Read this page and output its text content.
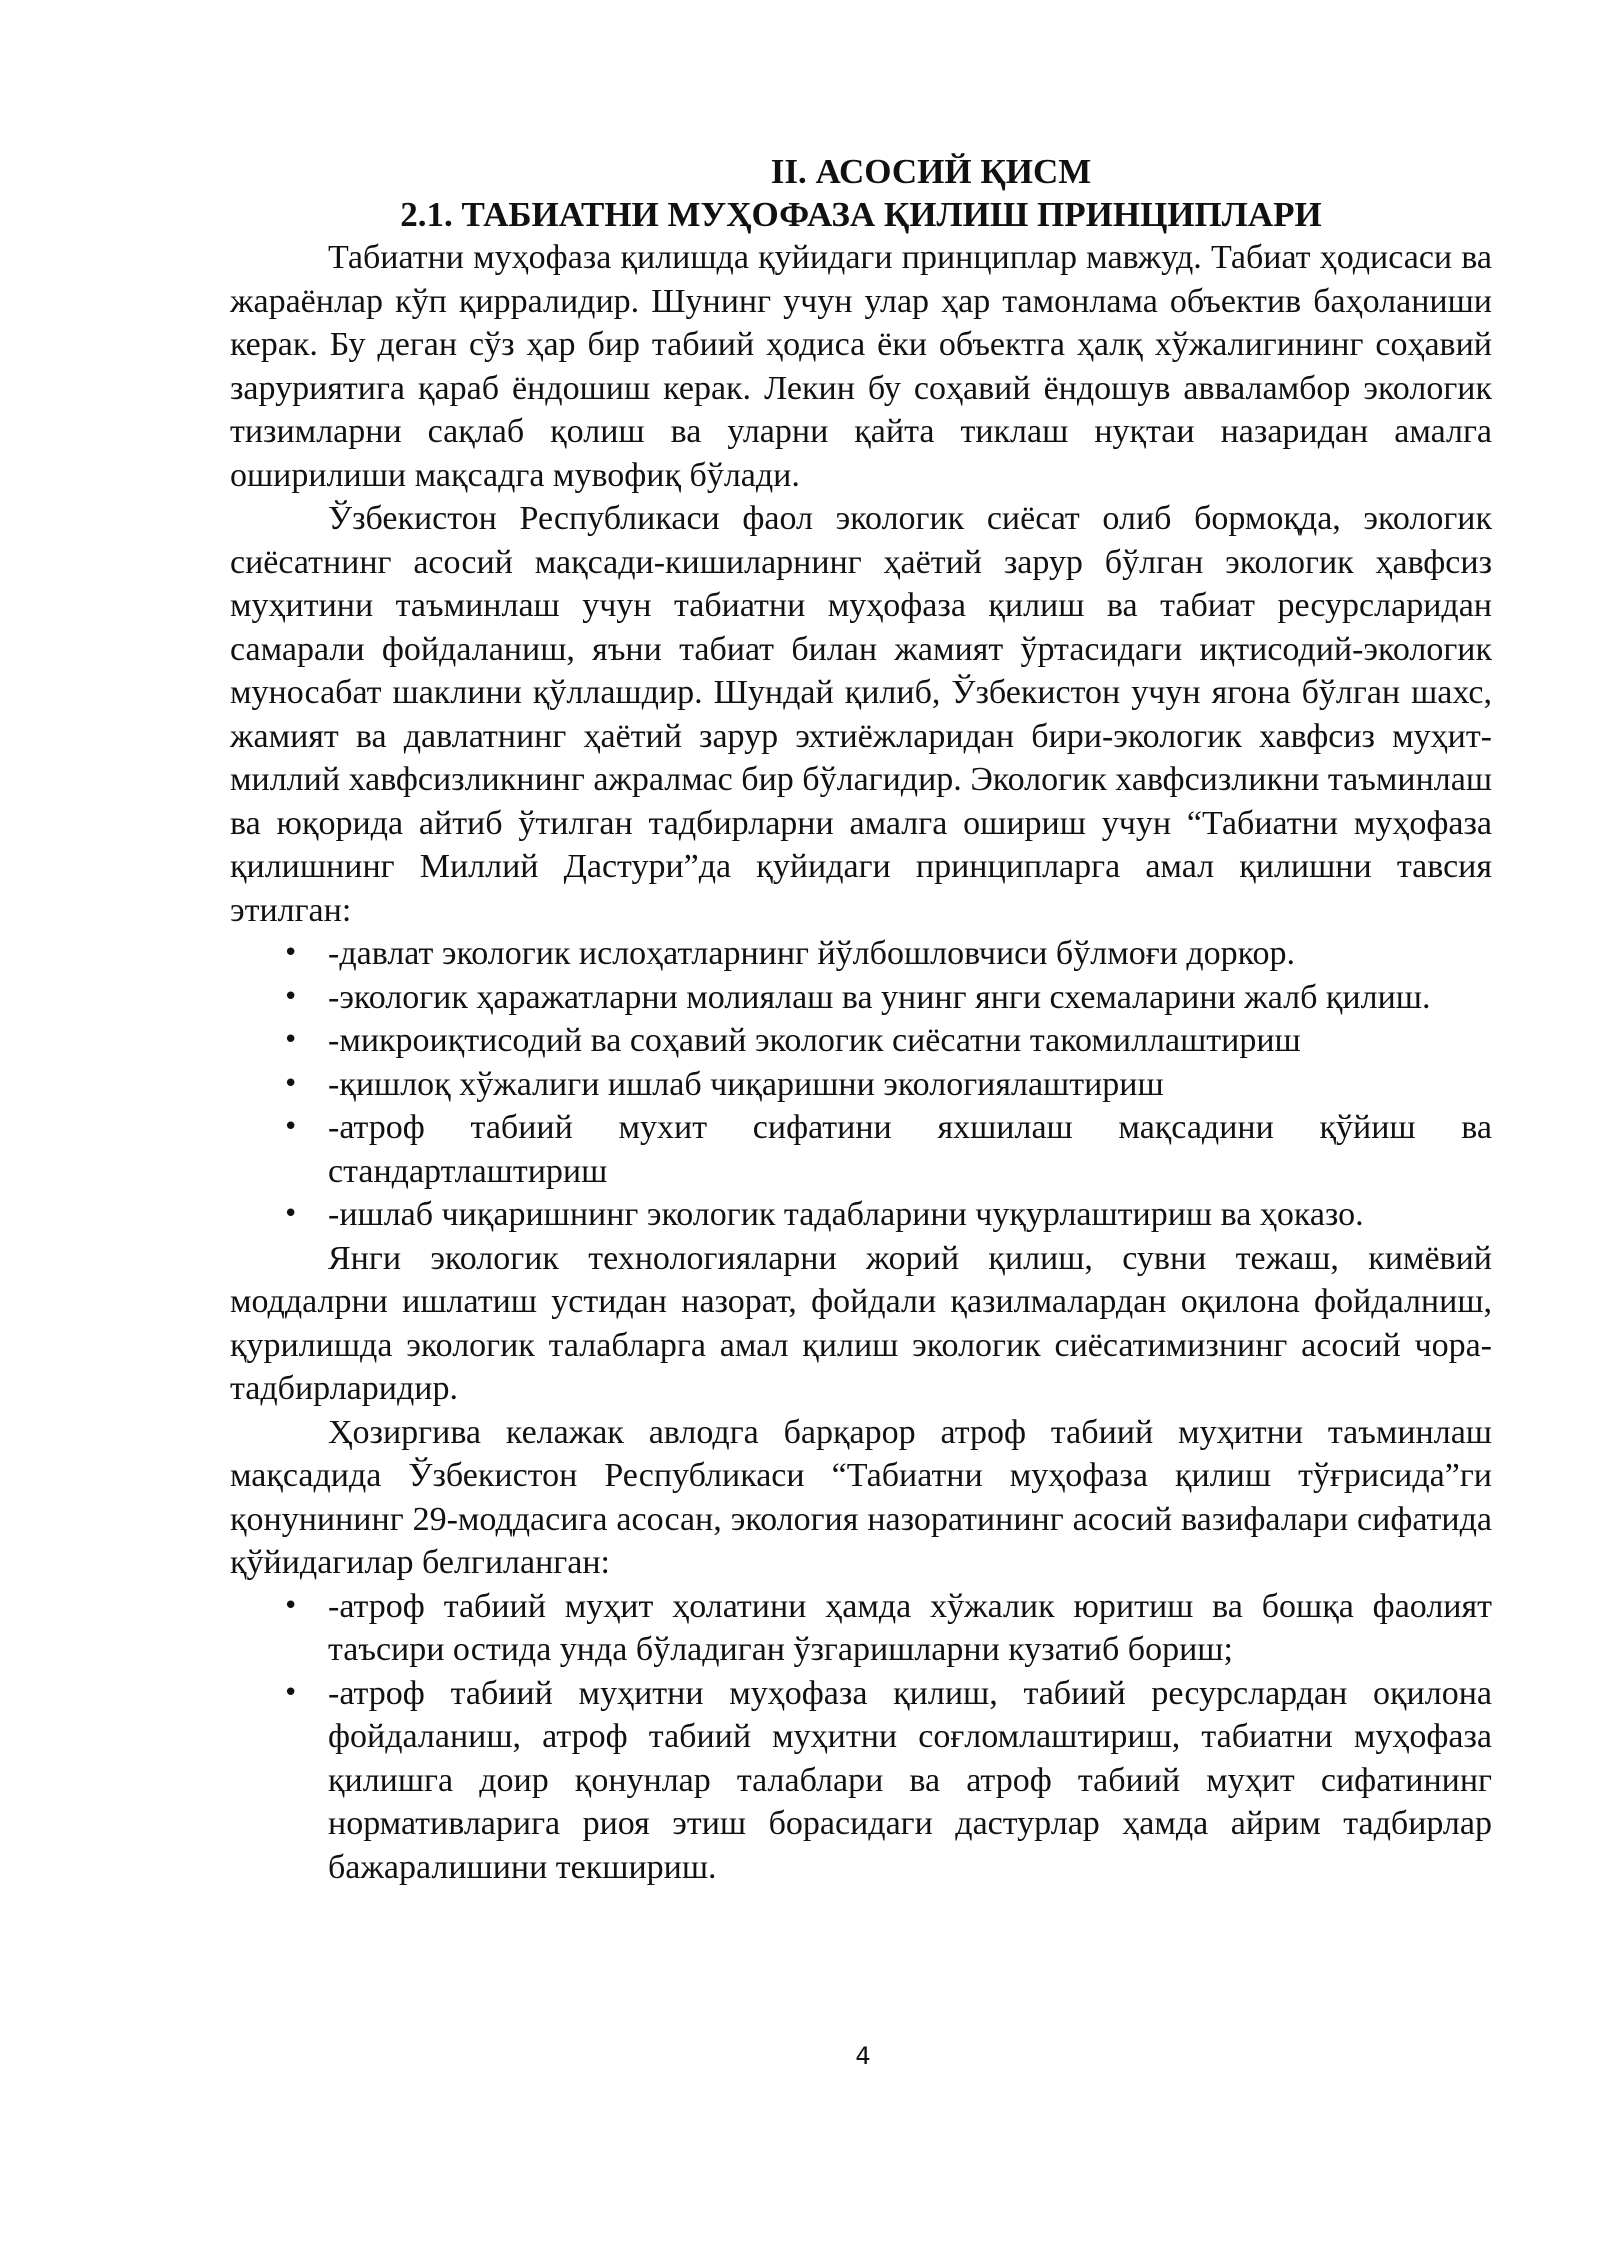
II. АСОСИЙ ҚИСМ
2.1. ТАБИАТНИ МУҲОФАЗА ҚИЛИШ ПРИНЦИПЛАРИ

Табиатни муҳофаза қилишда қуйидаги принциплар мавжуд. Табиат ҳодисаси ва жараёнлар кўп қирралидир. Шунинг учун улар ҳар тамонлама объектив баҳоланиши керак. Бу деган сўз ҳар бир табиий ҳодиса ёки объектга ҳалқ хўжалигининг соҳавий заруриятига қараб ёндошиш керак. Лекин бу соҳавий ёндошув авваламбор экологик тизимларни сақлаб қолиш ва уларни қайта тиклаш нуқтаи назаридан амалга оширилиши мақсадга мувофиқ бўлади.

Ўзбекистон Республикаси фаол экологик сиёсат олиб бормоқда, экологик сиёсатнинг асосий мақсади-кишиларнинг ҳаётий зарур бўлган экологик ҳавфсиз муҳитини таъминлаш учун табиатни муҳофаза қилиш ва табиат ресурсларидан самарали фойдаланиш, яъни табиат билан жамият ўртасидаги иқтисодий-экологик муносабат шаклини қўллашдир. Шундай қилиб, Ўзбекистон учун ягона бўлган шахс, жамият ва давлатнинг ҳаётий зарур эхтиёжларидан бири-экологик хавфсиз муҳит-миллий хавфсизликнинг ажралмас бир бўлагидир. Экологик хавфсизликни таъминлаш ва юқорида айтиб ўтилган тадбирларни амалга ошириш учун “Табиатни муҳофаза қилишнинг Миллий Дастури”да қуйидаги принципларга амал қилишни тавсия этилган:

• -давлат экологик ислоҳатларнинг йўлбошловчиси бўлмоғи доркор.
• -экологик ҳаражатларни молиялаш ва унинг янги схемаларини жалб қилиш.
• -микроиқтисодий ва соҳавий экологик сиёсатни такомиллаштириш
• -қишлоқ хўжалиги ишлаб чиқаришни экологиялаштириш
• -атроф табиий мухит сифатини яхшилаш мақсадини қўйиш ва стандартлаштириш
• -ишлаб чиқаришнинг экологик тадабларини чуқурлаштириш ва ҳоказо.

Янги экологик технологияларни жорий қилиш, сувни тежаш, кимёвий моддалрни ишлатиш устидан назорат, фойдали қазилмалардан оқилона фойдалниш, қурилишда экологик талабларга амал қилиш экологик сиёсатимизнинг асосий чора-тадбирларидир.

Ҳозиргива келажак авлодга барқарор атроф табиий муҳитни таъминлаш мақсадида Ўзбекистон Республикаси “Табиатни муҳофаза қилиш тўғрисида”ги қонунининг 29-моддасига асосан, экология назоратининг асосий вазифалари сифатида қўйидагилар белгиланган:

• -атроф табиий муҳит ҳолатини ҳамда хўжалик юритиш ва бошқа фаолият таъсири остида унда бўладиган ўзгаришларни кузатиб бориш;
• -атроф табиий муҳитни муҳофаза қилиш, табиий ресурслардан оқилона фойдаланиш, атроф табиий муҳитни соғломлаштириш, табиатни муҳофаза қилишга доир қонунлар талаблари ва атроф табиий муҳит сифатининг нормативларига риоя этиш борасидаги дастурлар ҳамда айрим тадбирлар бажаралишини текшириш.
4
